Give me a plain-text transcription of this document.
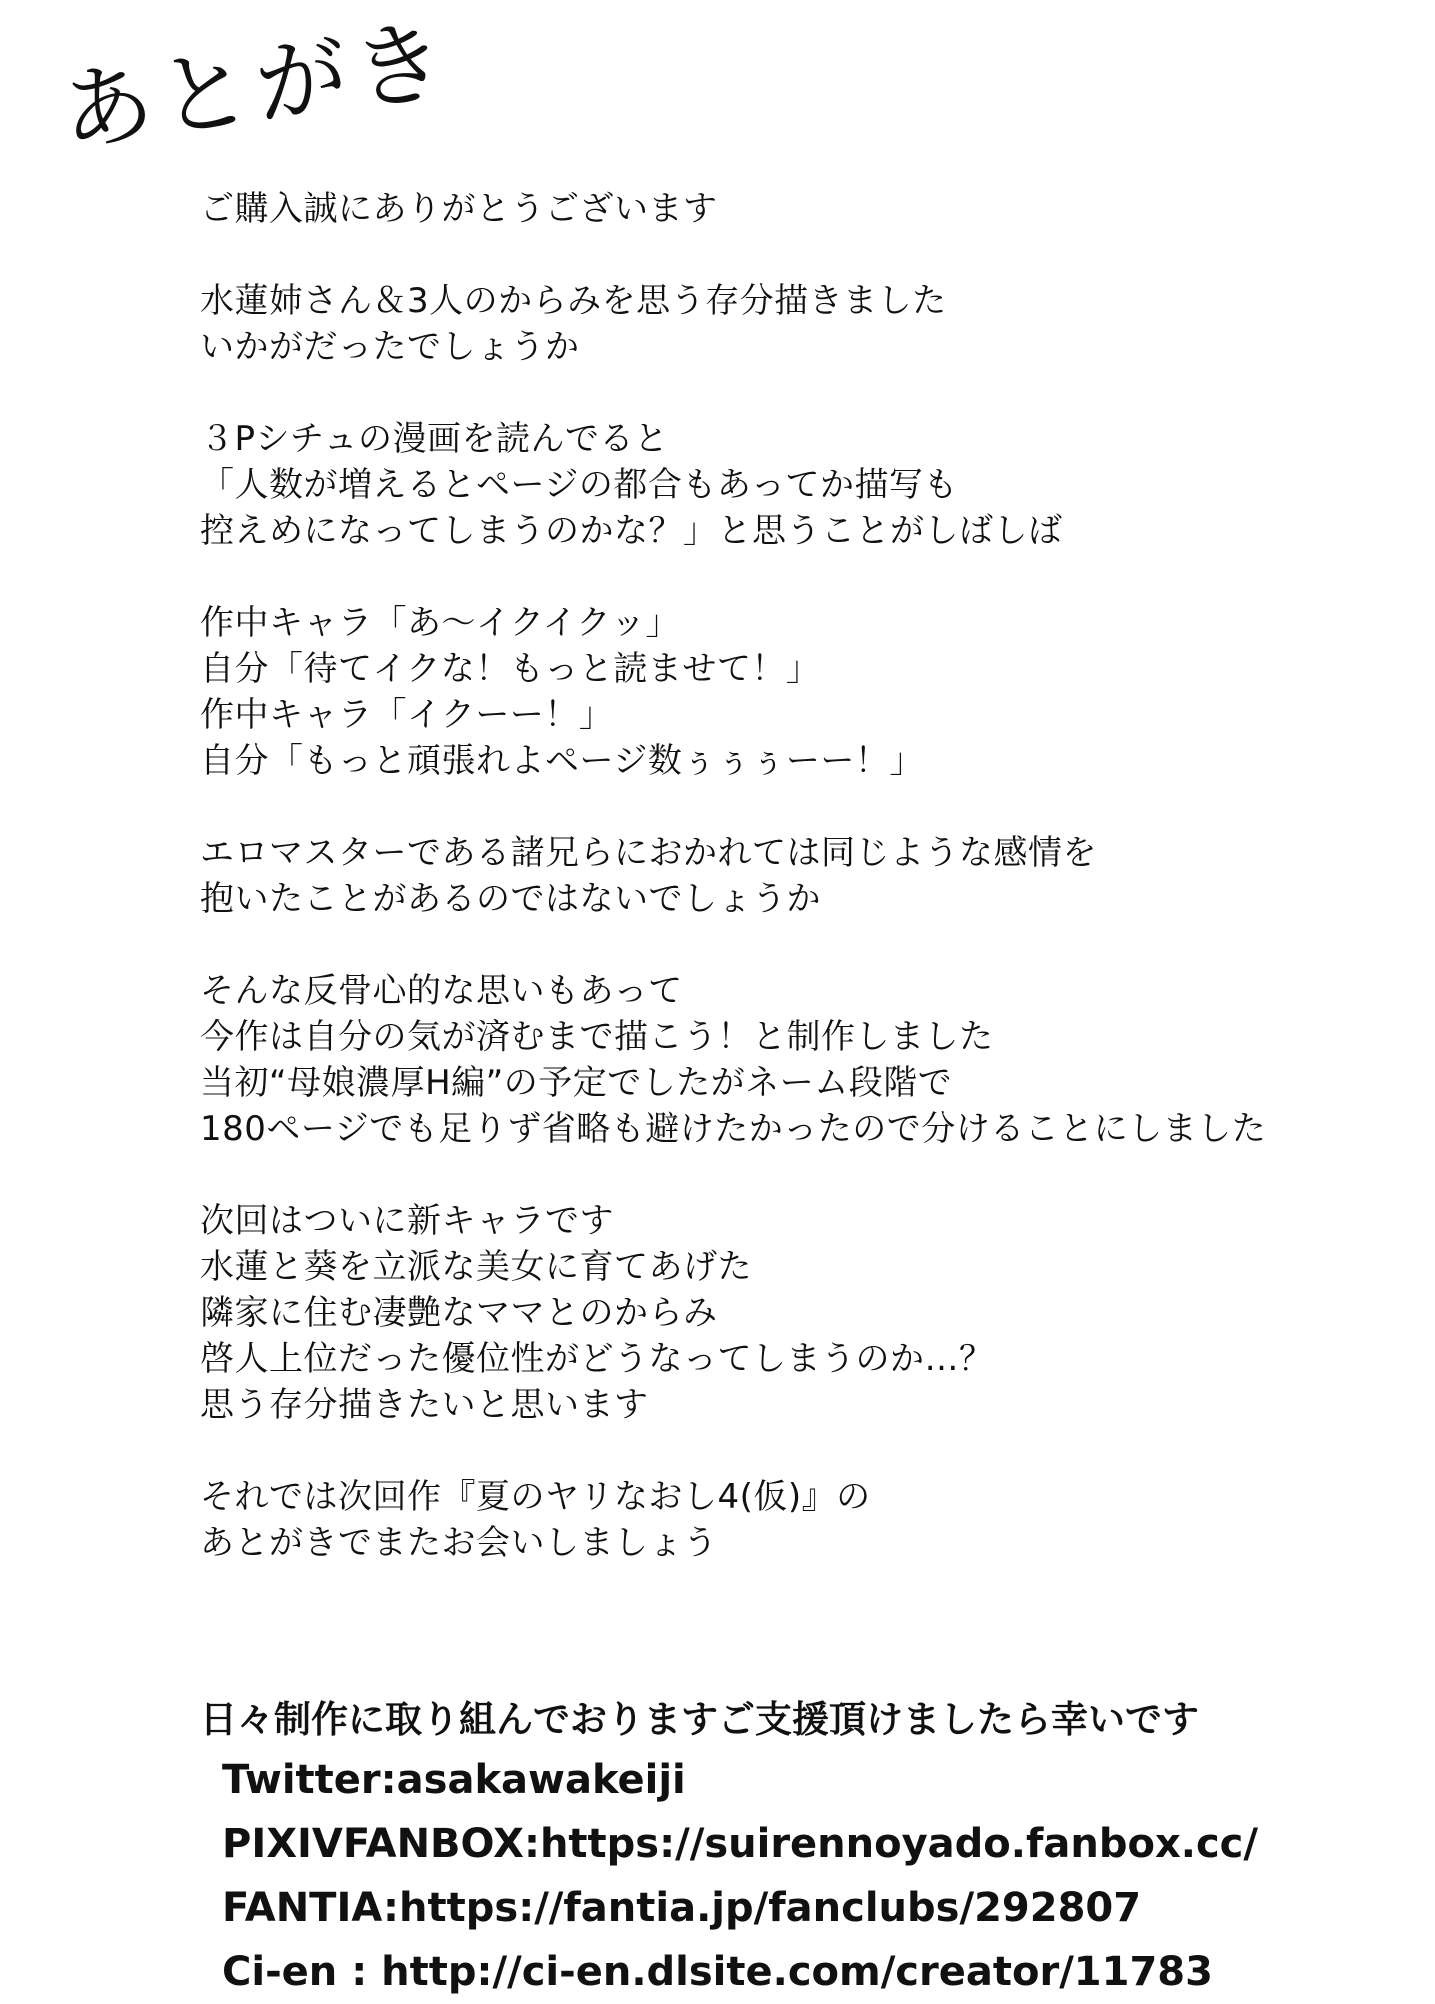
あとがき
ご購入誠にありがとうございます
水蓮姉さん＆3人のからみを思う存分描きました
いかがだったでしょうか
３Pシチュの漫画を読んでると
「人数が増えるとページの都合もあってか描写も
控えめになってしまうのかな？」と思うことがしばしば
作中キャラ「あ～イクイクッ」
自分「待てイクな！もっと読ませて！」
作中キャラ「イクーー！」
自分「もっと頑張れよページ数ぅぅぅーー！」
エロマスターである諸兄らにおかれては同じような感情を
抱いたことがあるのではないでしょうか
そんな反骨心的な思いもあって
今作は自分の気が済むまで描こう！と制作しました
当初“母娘濃厚H編”の予定でしたがネーム段階で
180ページでも足りず省略も避けたかったので分けることにしました
次回はついに新キャラです
水蓮と葵を立派な美女に育てあげた
隣家に住む凄艶なママとのからみ
啓人上位だった優位性がどうなってしまうのか…？
思う存分描きたいと思います
それでは次回作『夏のヤリなおし4(仮)』の
あとがきでまたお会いしましょう
日々制作に取り組んでおりますご支援頂けましたら幸いです
Twitter:asakawakeiji
PIXIVFANBOX:https://suirennoyado.fanbox.cc/
FANTIA:https://fantia.jp/fanclubs/292807
Ci-en : http://ci-en.dlsite.com/creator/11783
